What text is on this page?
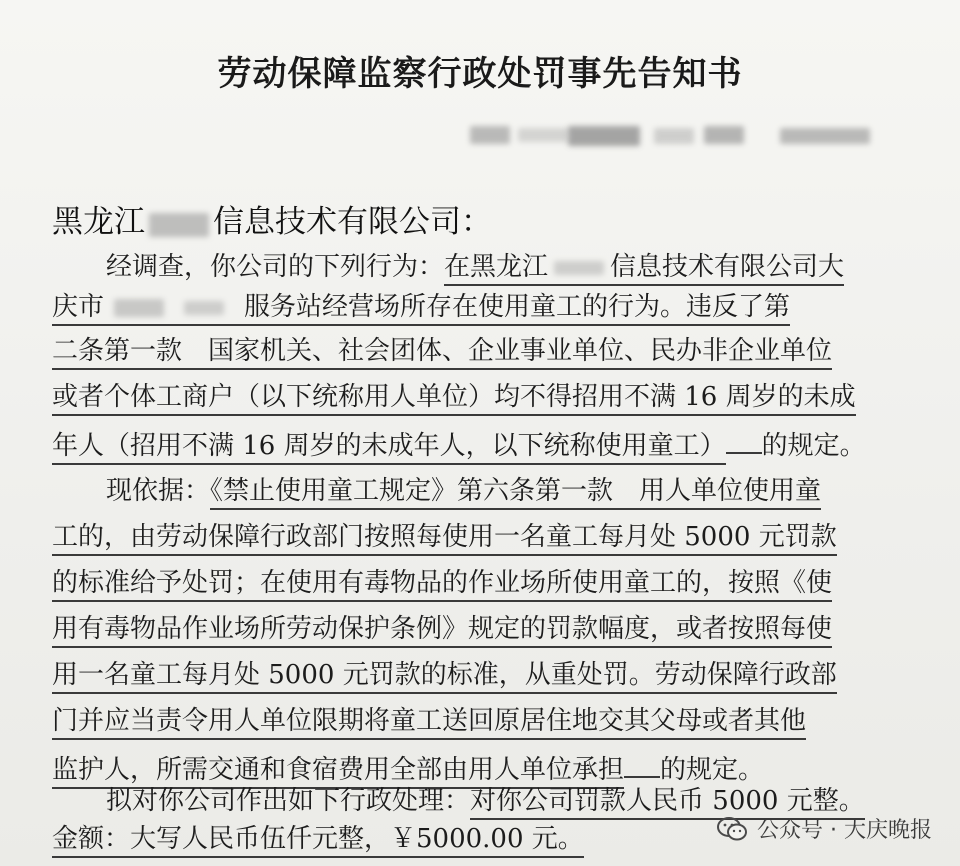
劳动保障监察行政处罚事先告知书
黑龙江 信息技术有限公司：
经调查，你公司的下列行为：在黑龙江 信息技术有限公司大
庆市	服务站经营场所存在使用童工的行为。违反了第
二条第一款　国家机关、社会团体、企业事业单位、民办非企业单位
或者个体工商户（以下统称用人单位）均不得招用不满 16 周岁的未成
年人（招用不满 16 周岁的未成年人，以下统称使用童工） 的规定。
现依据：《禁止使用童工规定》第六条第一款　用人单位使用童
工的，由劳动保障行政部门按照每使用一名童工每月处 5000 元罚款
的标准给予处罚；在使用有毒物品的作业场所使用童工的，按照《使
用有毒物品作业场所劳动保护条例》规定的罚款幅度，或者按照每使
用一名童工每月处 5000 元罚款的标准，从重处罚。劳动保障行政部
门并应当责令用人单位限期将童工送回原居住地交其父母或者其他
监护人，所需交通和食宿费用全部由用人单位承担 的规定。
拟对你公司作出如下行政处理：对你公司罚款人民币 5000 元整。
金额：大写人民币伍仟元整，￥5000.00 元。	公众号 · 大庆晚报
